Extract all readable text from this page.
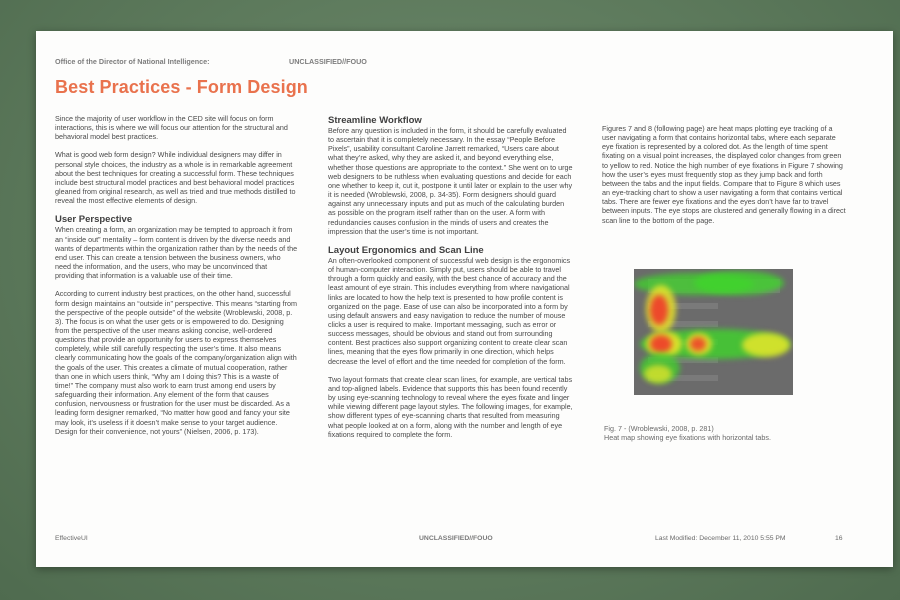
Office of the Director of National Intelligence:	UNCLASSIFIED//FOUO
Best Practices - Form Design

Since the majority of user workflow in the CED site will focus on form interactions, this is where we will focus our attention for the structural and behavioral model best practices.

What is good web form design? While individual designers may differ in personal style choices, the industry as a whole is in remarkable agreement about the best techniques for creating a successful form. These techniques include best structural model practices and best behavioral model practices gleaned from original research, as well as tried and true methods distilled to reveal the most effective elements of design.

User Perspective

When creating a form, an organization may be tempted to approach it from an “inside out” mentality – form content is driven by the diverse needs and wants of departments within the organization rather than by the needs of the end user. This can create a tension between the business owners, who need the information, and the users, who may be unconvinced that providing that information is a valuable use of their time.

According to current industry best practices, on the other hand, successful form design maintains an “outside in” perspective. This means “starting from the perspective of the people outside” of the website (Wroblewski, 2008, p. 3). The focus is on what the user gets or is empowered to do. Designing from the perspective of the user means asking concise, well-ordered questions that provide an opportunity for users to express themselves completely, while still carefully respecting the user’s time. It also means clearly communicating how the goals of the company/organization align with the goals of the user. This creates a climate of mutual cooperation, rather than one in which users think, “Why am I doing this? This is a waste of time!” The company must also work to earn trust among end users by safeguarding their information. Any element of the form that causes confusion, nervousness or frustration for the user must be discarded. As a leading form designer remarked, “No matter how good and fancy your site may look, it’s useless if it doesn’t make sense to your target audience. Design for their convenience, not yours” (Nielsen, 2006, p. 173).

Streamline Workflow

Before any question is included in the form, it should be carefully evaluated to ascertain that it is completely necessary. In the essay “People Before Pixels”, usability consultant Caroline Jarrett remarked, “Users care about what they’re asked, why they are asked it, and beyond everything else, whether those questions are appropriate to the context.” She went on to urge web designers to be ruthless when evaluating questions and decide for each one whether to keep it, cut it, postpone it until later or explain to the user why it is needed (Wroblewski, 2008, p. 34-35). Form designers should guard against any unnecessary inputs and put as much of the calculating burden as possible on the program itself rather than on the user. A form with redundancies causes confusion in the minds of users and creates the impression that the user’s time is not important.

Layout Ergonomics and Scan Line

An often-overlooked component of successful web design is the ergonomics of human-computer interaction. Simply put, users should be able to travel through a form quickly and easily, with the best chance of accuracy and the least amount of eye strain. This includes everything from where navigational links are located to how the help text is presented to how profile content is organized on the page. Ease of use can also be incorporated into a form by using default answers and easy navigation to reduce the number of mouse clicks a user is required to make. Important messaging, such as error or success messages, should be obvious and stand out from surrounding content. Best practices also support organizing content to create clear scan lines, meaning that the eyes flow primarily in one direction, which helps decrease the level of effort and the time needed for completion of the form.

Two layout formats that create clear scan lines, for example, are vertical tabs and top-aligned labels. Evidence that supports this has been found recently by using eye-scanning technology to reveal where the eyes fixate and linger while viewing different page layout styles. The following images, for example, show different types of eye-scanning charts that resulted from measuring what people looked at on a form, along with the number and length of eye fixations required to complete the form.

Figures 7 and 8 (following page) are heat maps plotting eye tracking of a user navigating a form that contains horizontal tabs, where each separate eye fixation is represented by a colored dot. As the length of time spent fixating on a visual point increases, the displayed color changes from green to yellow to red. Notice the high number of eye fixations in Figure 7 showing how the user’s eyes must frequently stop as they jump back and forth between the tabs and the input fields. Compare that to Figure 8 which uses an eye-tracking chart to show a user navigating a form that contains vertical tabs. There are fewer eye fixations and the eyes don’t have far to travel between inputs. The eye stops are clustered and generally flowing in a direct scan line to the bottom of the page.

Fig. 7 - (Wroblewski, 2008, p. 281)
Heat map showing eye fixations with horizontal tabs.
EffectiveUI	UNCLASSIFIED//FOUO	Last Modified: December 11, 2010 5:55 PM	16
